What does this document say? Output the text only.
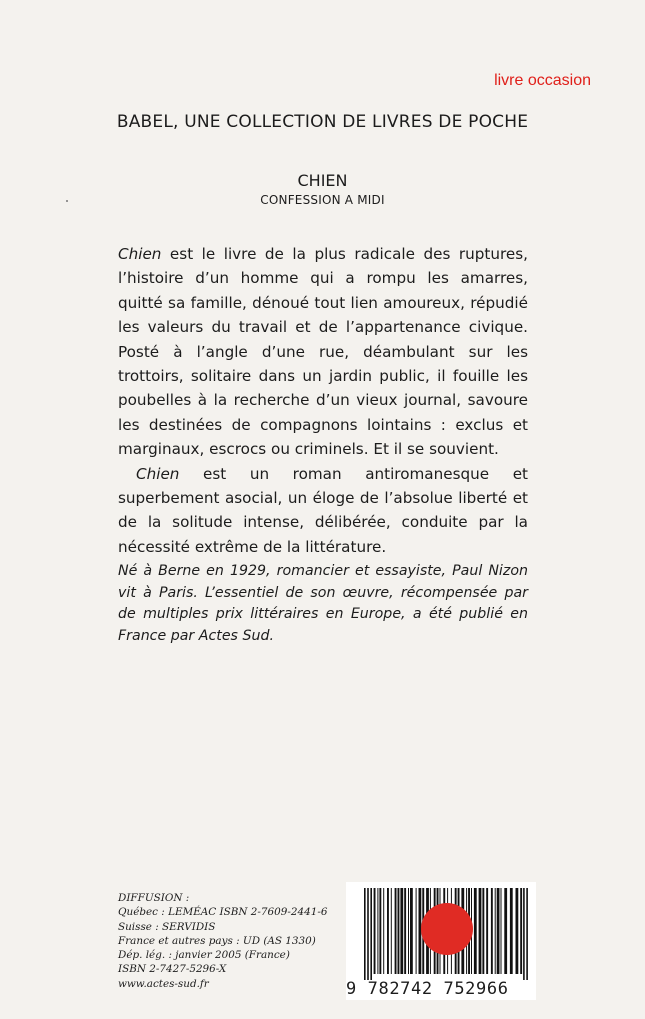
livre occasion
BABEL, UNE COLLECTION DE LIVRES DE POCHE
CHIEN
CONFESSION A MIDI

Chien est le livre de la plus radicale des ruptures, l’histoire d’un homme qui a rompu les amarres, quitté sa famille, dénoué tout lien amoureux, répudié les valeurs du travail et de l’appartenance civique. Posté à l’angle d’une rue, déambulant sur les trottoirs, solitaire dans un jardin public, il fouille les poubelles à la recherche d’un vieux journal, savoure les destinées de compagnons lointains : exclus et marginaux, escrocs ou criminels. Et il se souvient.

Chien est un roman antiromanesque et superbement asocial, un éloge de l’absolue liberté et de la solitude intense, délibérée, conduite par la nécessité extrême de la littérature.

Né à Berne en 1929, romancier et essayiste, Paul Nizon vit à Paris. L’essentiel de son œuvre, récompensée par de multiples prix littéraires en Europe, a été publié en France par Actes Sud.
DIFFUSION :
Québec : LEMÉAC ISBN 2-7609-2441-6
Suisse : SERVIDIS
France et autres pays : UD (AS 1330)
Dép. lég. : janvier 2005 (France)
ISBN 2-7427-5296-X
www.actes-sud.fr	9 782742 752966
